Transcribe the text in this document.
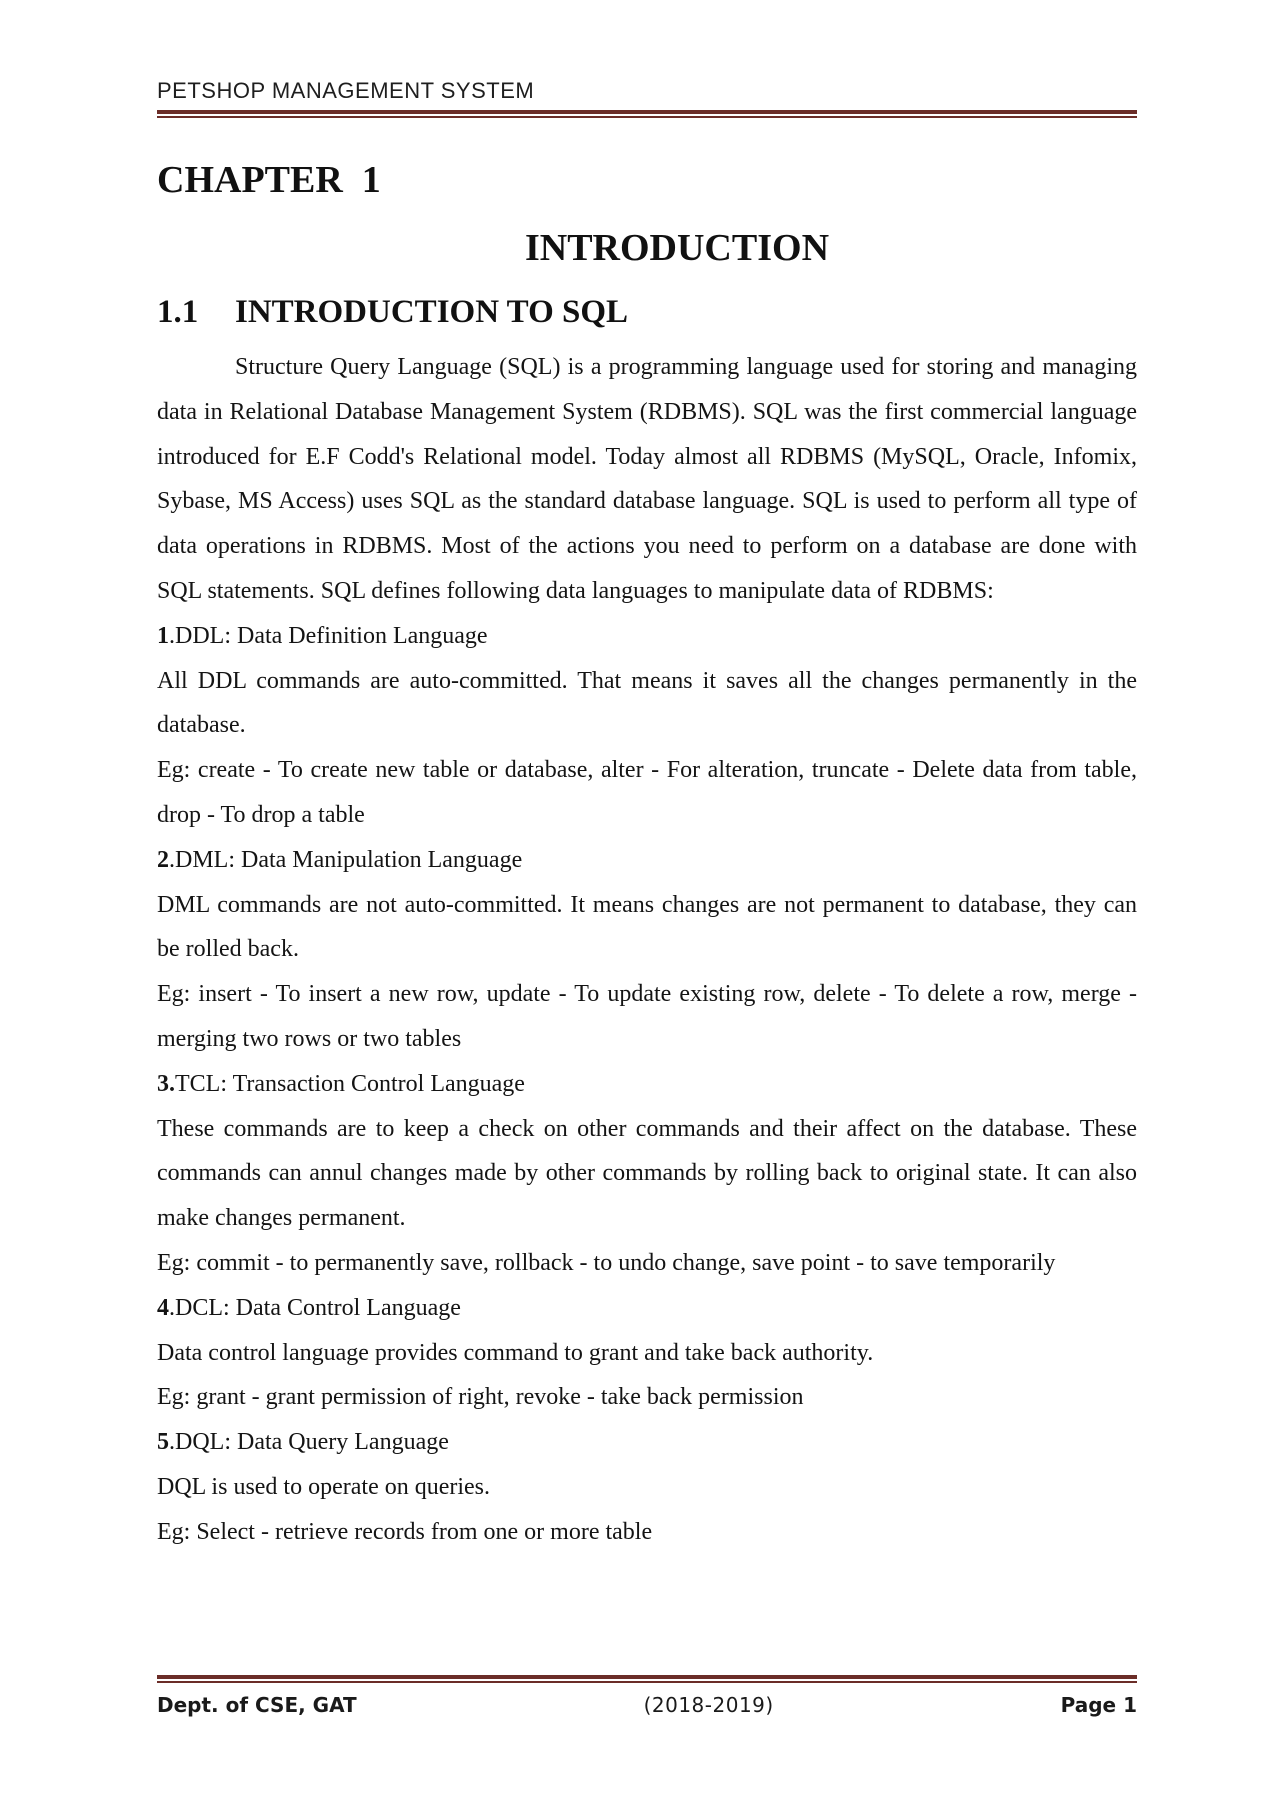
PETSHOP MANAGEMENT SYSTEM
CHAPTER  1
INTRODUCTION
1.1 INTRODUCTION TO SQL

Structure Query Language (SQL) is a programming language used for storing and managing data in Relational Database Management System (RDBMS). SQL was the first commercial language introduced for E.F Codd's Relational model. Today almost all RDBMS (MySQL, Oracle, Infomix, Sybase, MS Access) uses SQL as the standard database language. SQL is used to perform all type of data operations in RDBMS. Most of the actions you need to perform on a database are done with SQL statements. SQL defines following data languages to manipulate data of RDBMS:

1.DDL: Data Definition Language

All DDL commands are auto-committed. That means it saves all the changes permanently in the database.

Eg: create - To create new table or database, alter - For alteration, truncate - Delete data from table, drop - To drop a table

2.DML: Data Manipulation Language

DML commands are not auto-committed. It means changes are not permanent to database, they can be rolled back.

Eg: insert - To insert a new row, update - To update existing row, delete - To delete a row, merge - merging two rows or two tables

3.TCL: Transaction Control Language

These commands are to keep a check on other commands and their affect on the database. These commands can annul changes made by other commands by rolling back to original state. It can also make changes permanent.

Eg: commit - to permanently save, rollback - to undo change, save point - to save temporarily

4.DCL: Data Control Language

Data control language provides command to grant and take back authority.

Eg: grant - grant permission of right, revoke - take back permission

5.DQL: Data Query Language

DQL is used to operate on queries.

Eg: Select - retrieve records from one or more table

Dept. of CSE, GAT	(2018-2019)	Page 1
